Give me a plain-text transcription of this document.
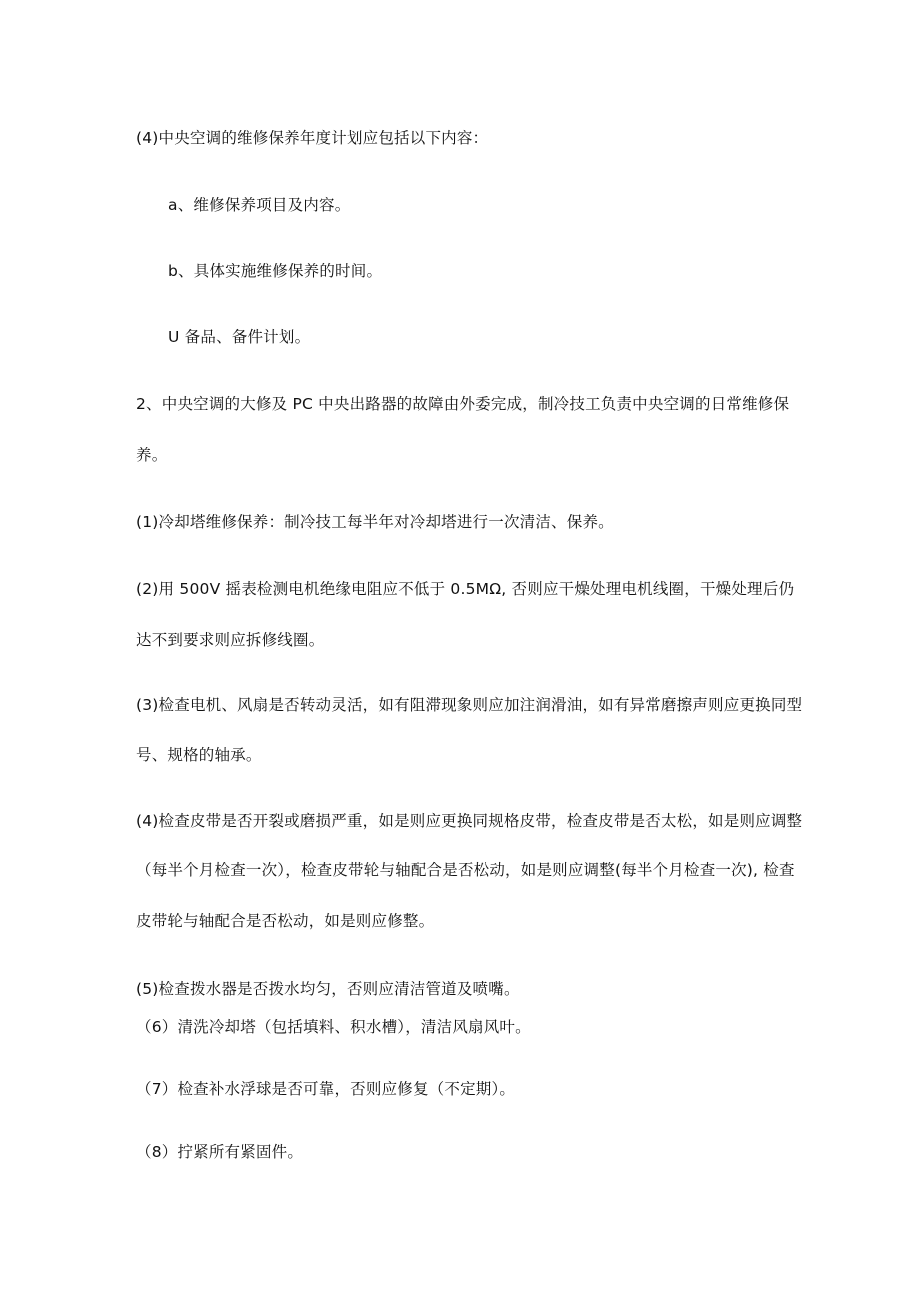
(4)中央空调的维修保养年度计划应包括以下内容：

a、维修保养项目及内容。

b、具体实施维修保养的时间。

U 备品、备件计划。

2、中央空调的大修及 PC 中央出路器的故障由外委完成，制冷技工负责中央空调的日常维修保

养。

(1)冷却塔维修保养：制冷技工每半年对冷却塔进行一次清洁、保养。

(2)用 500V 摇表检测电机绝缘电阻应不低于 0.5MΩ, 否则应干燥处理电机线圈，干燥处理后仍

达不到要求则应拆修线圈。

(3)检查电机、风扇是否转动灵活，如有阻滞现象则应加注润滑油，如有异常磨擦声则应更换同型

号、规格的轴承。

(4)检查皮带是否开裂或磨损严重，如是则应更换同规格皮带，检查皮带是否太松，如是则应调整

（每半个月检查一次），检查皮带轮与轴配合是否松动，如是则应调整(每半个月检查一次), 检查

皮带轮与轴配合是否松动，如是则应修整。

(5)检查拨水器是否拨水均匀，否则应清洁管道及喷嘴。

（6）清洗冷却塔（包括填料、积水槽），清洁风扇风叶。

（7）检查补水浮球是否可靠，否则应修复（不定期）。

（8）拧紧所有紧固件。
